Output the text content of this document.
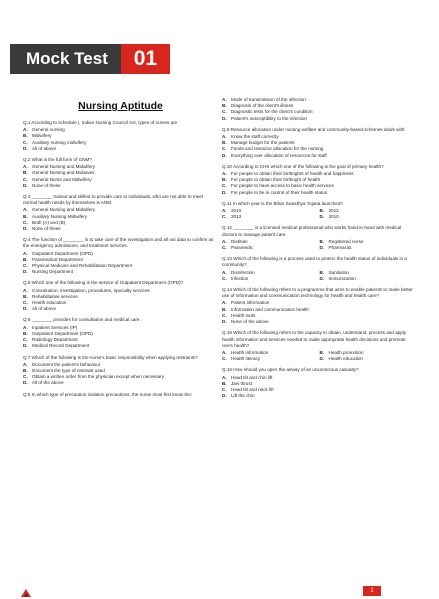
Mock Test	01
Nursing Aptitude
Q.1 According to schedule I, Indian Nursing Council Act, types of nurses are
A. General nursing
B. Midwifery
C. Auxiliary nursing midwifery
D. All of above
Q.2 What is the full form of GNM?
A. General Nursing and Midwifery
B. General Nursing and Midwives
C. General Nurse and Midwifery
D. None of these
Q.3 ________ trained and skilled to provide care to individuals, who are not able to meet normal health needs by themselves is ANM.
A. General Nursing and Midwifery
B. Auxiliary Nursing Midwifery
C. Both (A) and (B)
D. None of these
Q.4 The function of ________ is to take care of the investigation and all out data to confirm as the emergency admissions, and treatment services.
A. Outpatient Department (OPD)
B. Paramedical Department
C. Physical Medicine and Rehabilitation Department
D. Nursing Department
Q.5 Which one of the following is the service of Outpatient Department (OPD)?
A. Consultation, investigation, procedures, specialty services
B. Rehabilitative services
C. Health education
D. All of above
Q.6 ________ provides for consultation and medical care.
A. Inpatient Services (IP)
B. Outpatient Department (OPD)
C. Radiology Department
D. Medical Record Department
Q.7 Which of the following is the nurse's basic responsibility when applying restraints?
A. Document the patient's behaviour
B. Document the type of restraint used
C. Obtain a written order from the physician except when necessary
D. All of the above
Q.8 In which type of precaution isolation precautions, the nurse must first know the:
A. Mode of transmission of the infection
B. Diagnosis of the client's illness
C. Diagnostic tests for the client's condition
D. Patient's susceptibility to the infection
Q.9 Resource allocation under nursing welfare and community-based schemes deals with:
A. Know the staff correctly
B. Manage budget for the patients
C. Funds and resource allocation for the nursing
D. Everything over allocation of resources for staff
Q.10 According to CHS which one of the following is the goal of primary health?
A. For people to obtain their birthrights of health and happiness
B. For people to obtain their birthright of health
C. For people to have access to basic health services
D. For people to be in control of their health status
Q.11 In which year is the Bihar Swasthya Yojana launched?
A. 2010	B. 2012
C. 2013	D. 2010
Q.12 ________ is a licensed medical professional who works hand-in-hand with medical doctors to manage patient care.
A. Dietitian	B. Registered nurse
C. Paramedic	D. Pharmacist
Q.13 Which of the following is a process used to protect the health status of individuals in a community?
A. Disinfection	B. Sanitation
C. Infection	D. Immunization
Q.14 Which of the following refers to a programme that aims to enable patients to make better use of information and communication technology for health and health care?
A. Patient information
B. Information and communication health
C. Health tools
D. None of the above
Q.15 Which of the following refers to the capacity to obtain, understand, process and apply health information and services needed to make appropriate health decisions and promote one's health?
A. Health information	B. Health promotion
C. Health literacy	D. Health education
Q.16 How should you open the airway of an unconscious casualty?
A. Head tilt and chin lift
B. Jaw thrust
C. Head tilt and neck lift
D. Lift the chin
1
